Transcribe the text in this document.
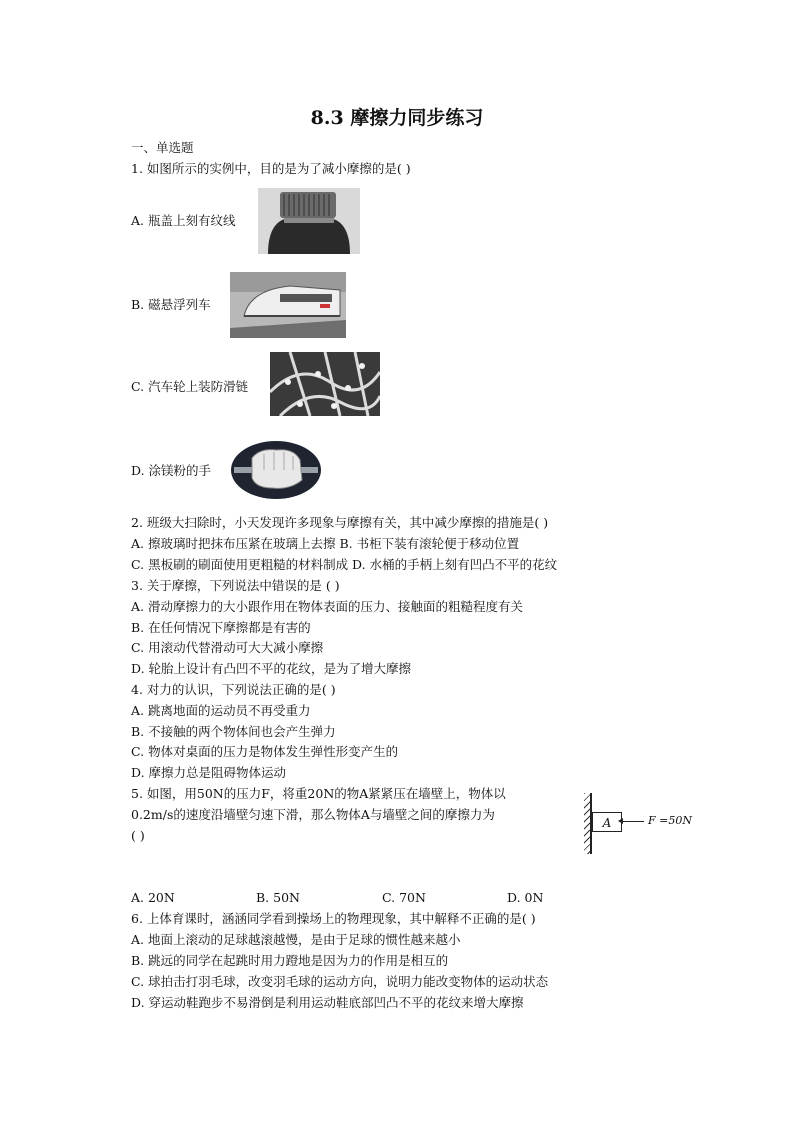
8.3 摩擦力同步练习
一、单选题
1. 如图所示的实例中，目的是为了减小摩擦的是( )
A. 瓶盖上刻有纹线
B. 磁悬浮列车
C. 汽车轮上装防滑链
D. 涂镁粉的手
2. 班级大扫除时，小天发现许多现象与摩擦有关，其中减少摩擦的措施是( )
A. 擦玻璃时把抹布压紧在玻璃上去擦 B. 书柜下装有滚轮便于移动位置
C. 黑板刷的刷面使用更粗糙的材料制成 D. 水桶的手柄上刻有凹凸不平的花纹
3. 关于摩擦，下列说法中错误的是 ( )
A. 滑动摩擦力的大小跟作用在物体表面的压力、接触面的粗糙程度有关
B. 在任何情况下摩擦都是有害的
C. 用滚动代替滑动可大大减小摩擦
D. 轮胎上设计有凸凹不平的花纹，是为了增大摩擦
4. 对力的认识，下列说法正确的是( )
A. 跳离地面的运动员不再受重力
B. 不接触的两个物体间也会产生弹力
C. 物体对桌面的压力是物体发生弹性形变产生的
D. 摩擦力总是阻碍物体运动
5. 如图，用50N的压力F，将重20N的物A紧紧压在墙壁上，物体以
0.2m/s的速度沿墙壁匀速下滑，那么物体A与墙壁之间的摩擦力为
( )
A	F =50N
A. 20N	B. 50N	C. 70N	D. 0N
6. 上体育课时，涵涵同学看到操场上的物理现象，其中解释不正确的是( )
A. 地面上滚动的足球越滚越慢，是由于足球的惯性越来越小
B. 跳远的同学在起跳时用力蹬地是因为力的作用是相互的
C. 球拍击打羽毛球，改变羽毛球的运动方向，说明力能改变物体的运动状态
D. 穿运动鞋跑步不易滑倒是利用运动鞋底部凹凸不平的花纹来增大摩擦
